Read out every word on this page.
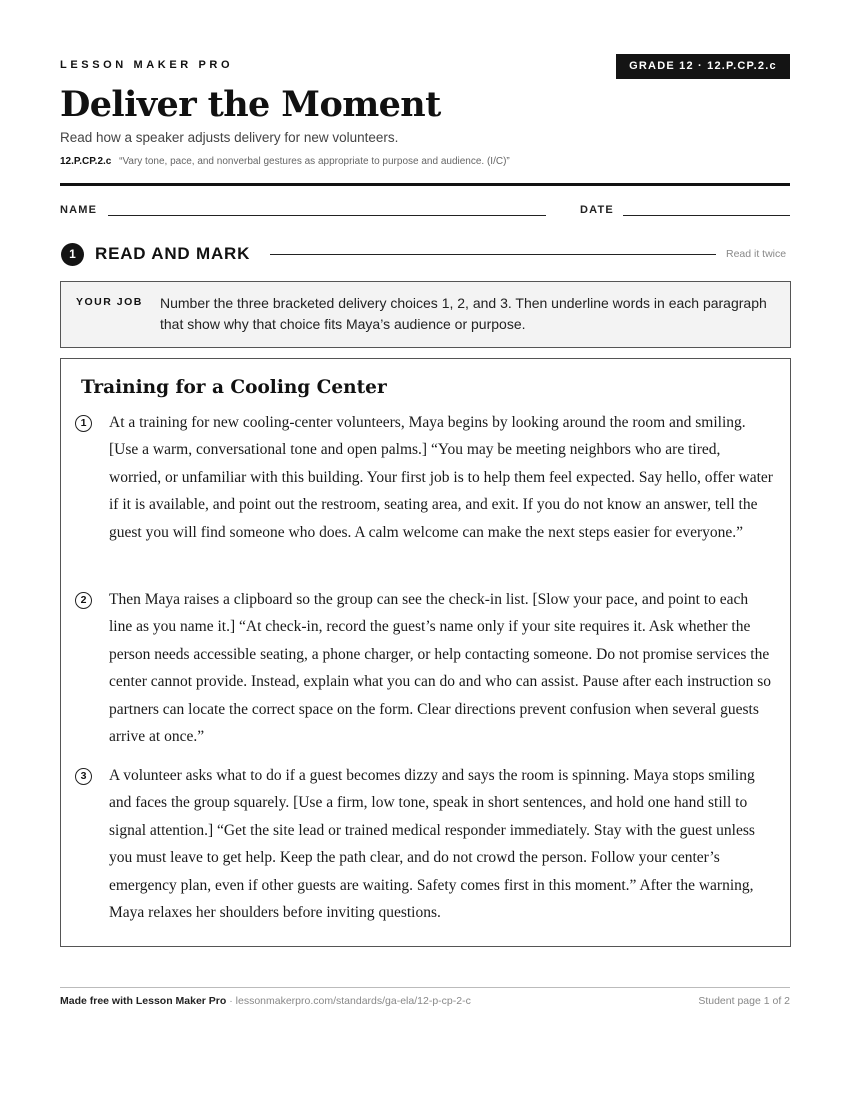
LESSON MAKER PRO	GRADE 12 · 12.P.CP.2.c
Deliver the Moment
Read how a speaker adjusts delivery for new volunteers.
12.P.CP.2.c “Vary tone, pace, and nonverbal gestures as appropriate to purpose and audience. (I/C)”
NAME	DATE
1	READ AND MARK	Read it twice
YOUR JOB Number the three bracketed delivery choices 1, 2, and 3. Then underline words in each paragraph that show why that choice fits Maya’s audience or purpose.
Training for a Cooling Center
1	At a training for new cooling-center volunteers, Maya begins by looking around the room and smiling. [Use a warm, conversational tone and open palms.] “You may be meeting neighbors who are tired, worried, or unfamiliar with this building. Your first job is to help them feel expected. Say hello, offer water if it is available, and point out the restroom, seating area, and exit. If you do not know an answer, tell the guest you will find someone who does. A calm welcome can make the next steps easier for everyone.”

2	Then Maya raises a clipboard so the group can see the check-in list. [Slow your pace, and point to each line as you name it.] “At check-in, record the guest’s name only if your site requires it. Ask whether the person needs accessible seating, a phone charger, or help contacting someone. Do not promise services the center cannot provide. Instead, explain what you can do and who can assist. Pause after each instruction so partners can locate the correct space on the form. Clear directions prevent confusion when several guests arrive at once.”

3	A volunteer asks what to do if a guest becomes dizzy and says the room is spinning. Maya stops smiling and faces the group squarely. [Use a firm, low tone, speak in short sentences, and hold one hand still to signal attention.] “Get the site lead or trained medical responder immediately. Stay with the guest unless you must leave to get help. Keep the path clear, and do not crowd the person. Follow your center’s emergency plan, even if other guests are waiting. Safety comes first in this moment.” After the warning, Maya relaxes her shoulders before inviting questions.

Made free with Lesson Maker Pro · lessonmakerpro.com/standards/ga-ela/12-p-cp-2-c	Student page 1 of 2
